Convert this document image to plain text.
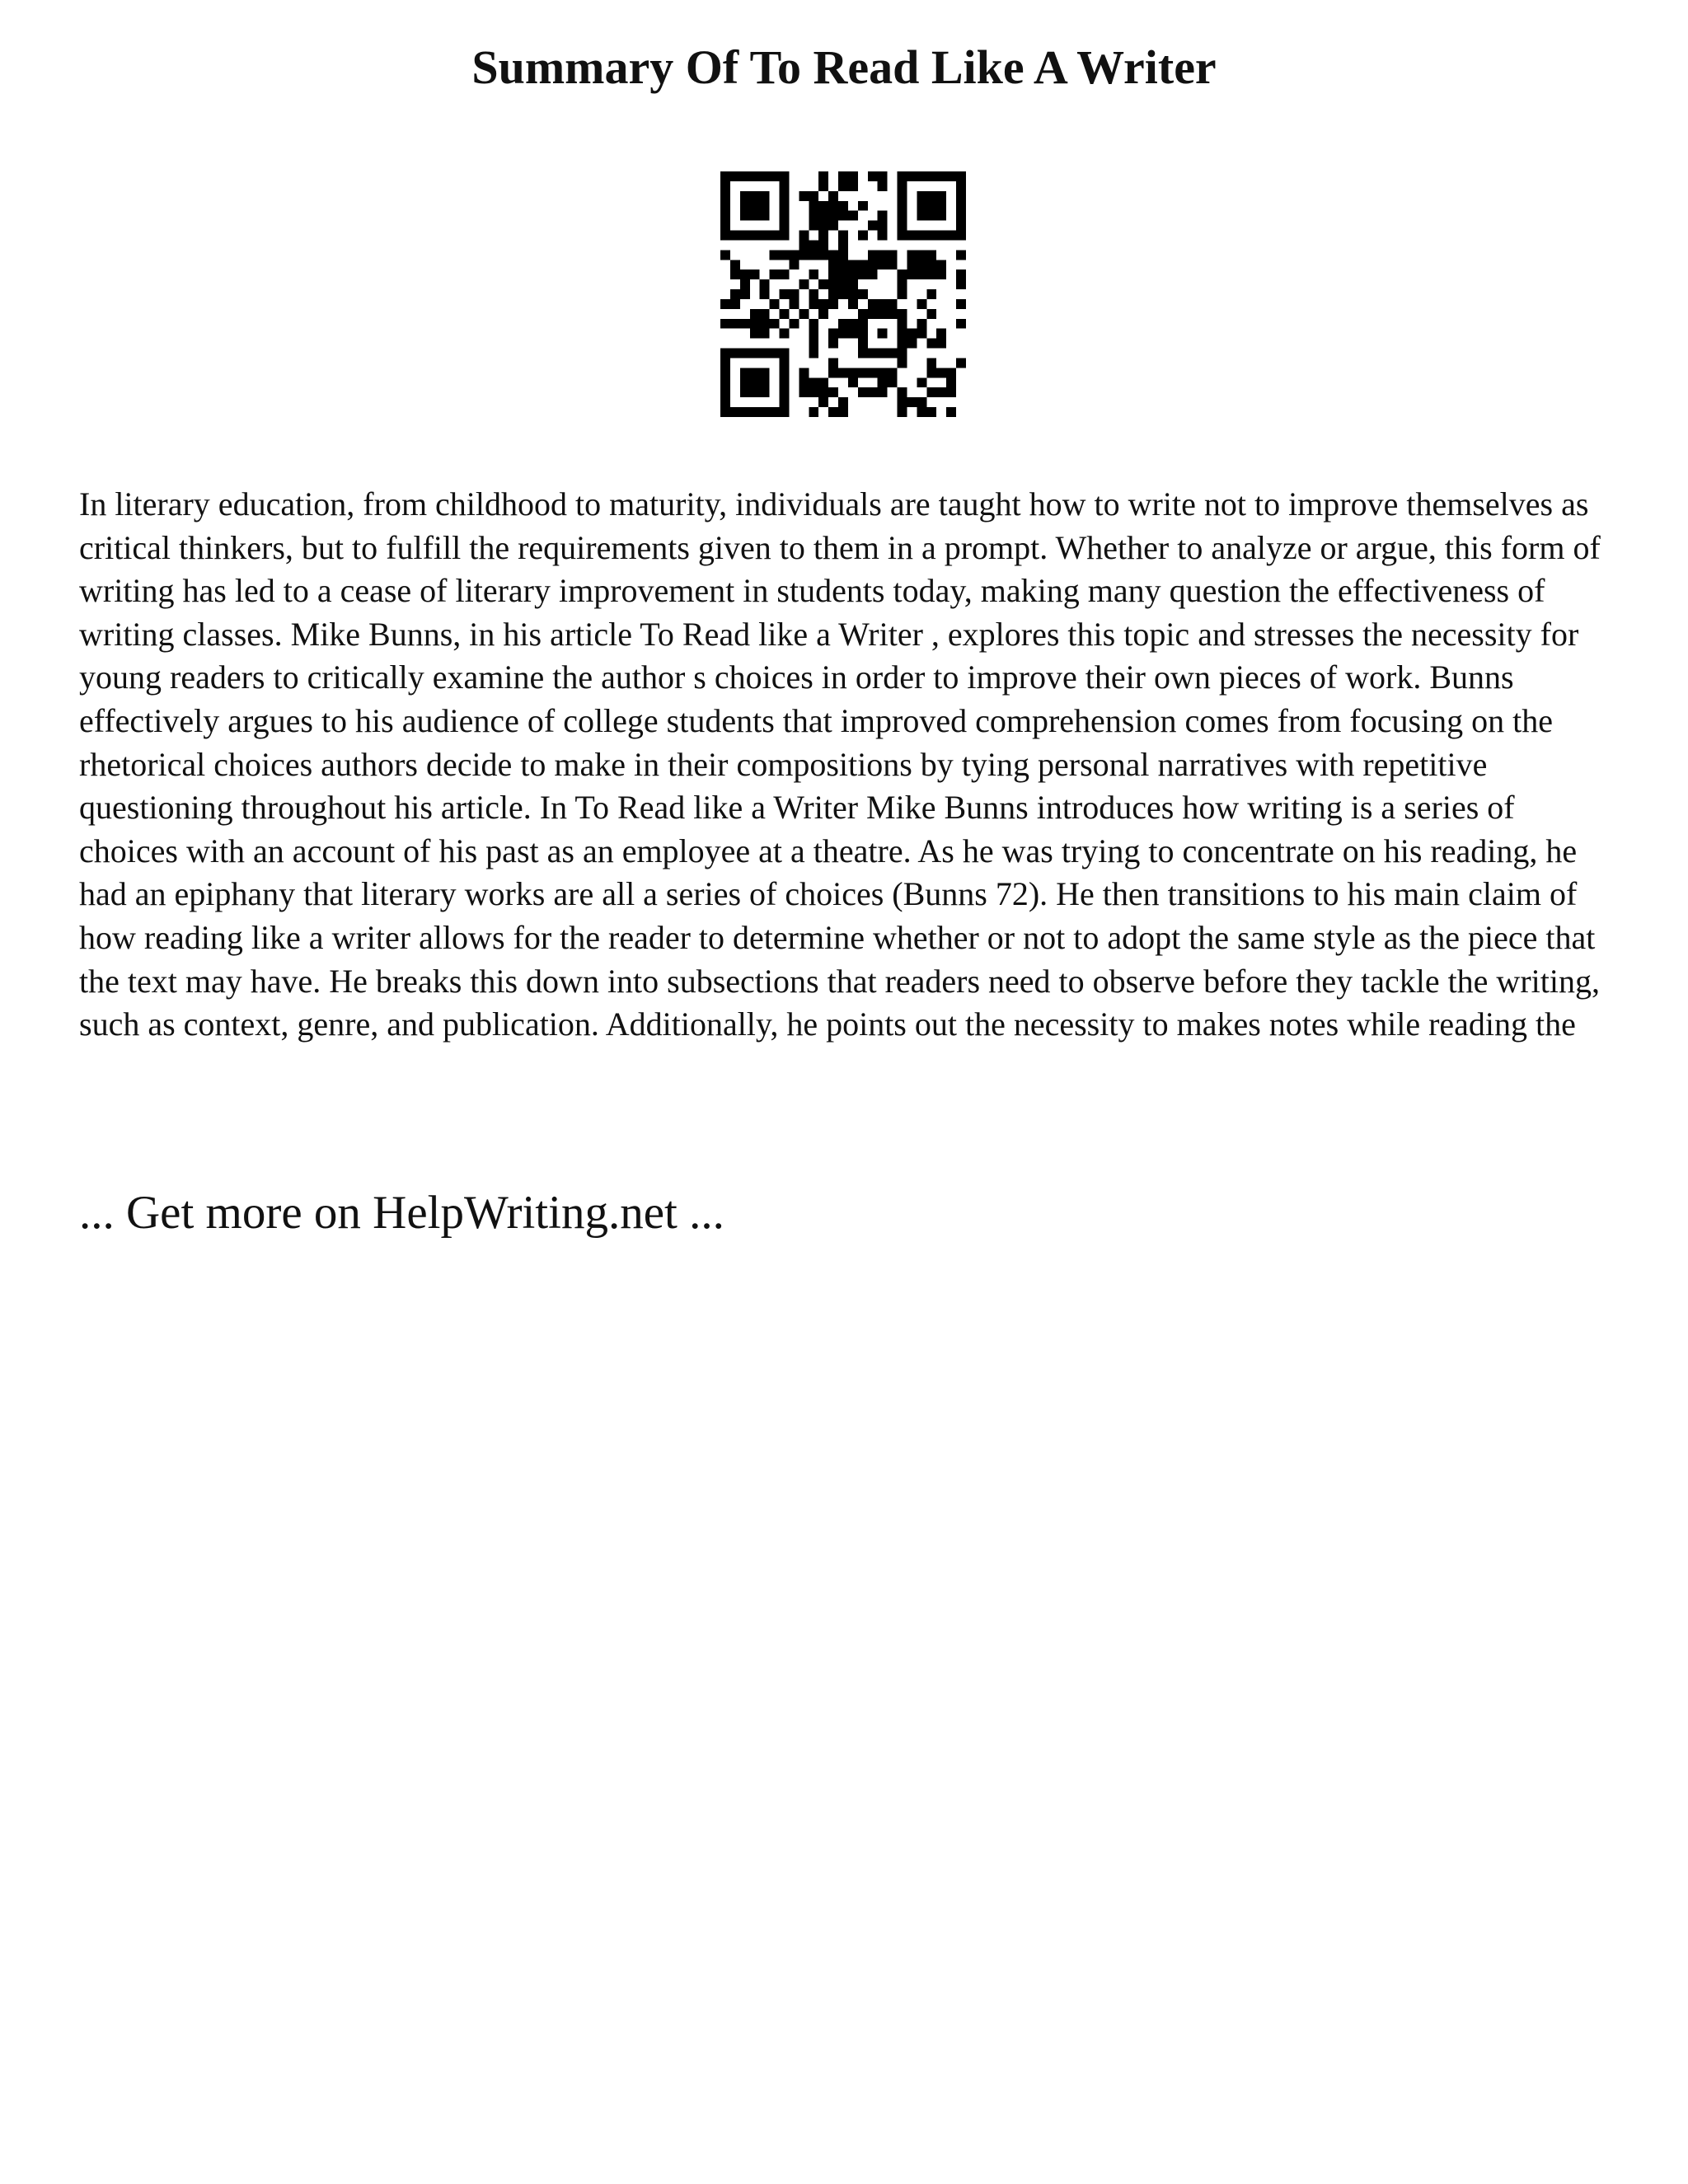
Summary Of To Read Like A Writer

In literary education, from childhood to maturity, individuals are taught how to write not to improve themselves as critical thinkers, but to fulfill the requirements given to them in a prompt. Whether to analyze or argue, this form of writing has led to a cease of literary improvement in students today, making many question the effectiveness of writing classes. Mike Bunns, in his article To Read like a Writer , explores this topic and stresses the necessity for young readers to critically examine the author s choices in order to improve their own pieces of work. Bunns effectively argues to his audience of college students that improved comprehension comes from focusing on the rhetorical choices authors decide to make in their compositions by tying personal narratives with repetitive questioning throughout his article. In To Read like a Writer Mike Bunns introduces how writing is a series of choices with an account of his past as an employee at a theatre. As he was trying to concentrate on his reading, he had an epiphany that literary works are all a series of choices (Bunns 72). He then transitions to his main claim of how reading like a writer allows for the reader to determine whether or not to adopt the same style as the piece that the text may have. He breaks this down into subsections that readers need to observe before they tackle the writing, such as context, genre, and publication. Additionally, he points out the necessity to makes notes while reading the

... Get more on HelpWriting.net ...
